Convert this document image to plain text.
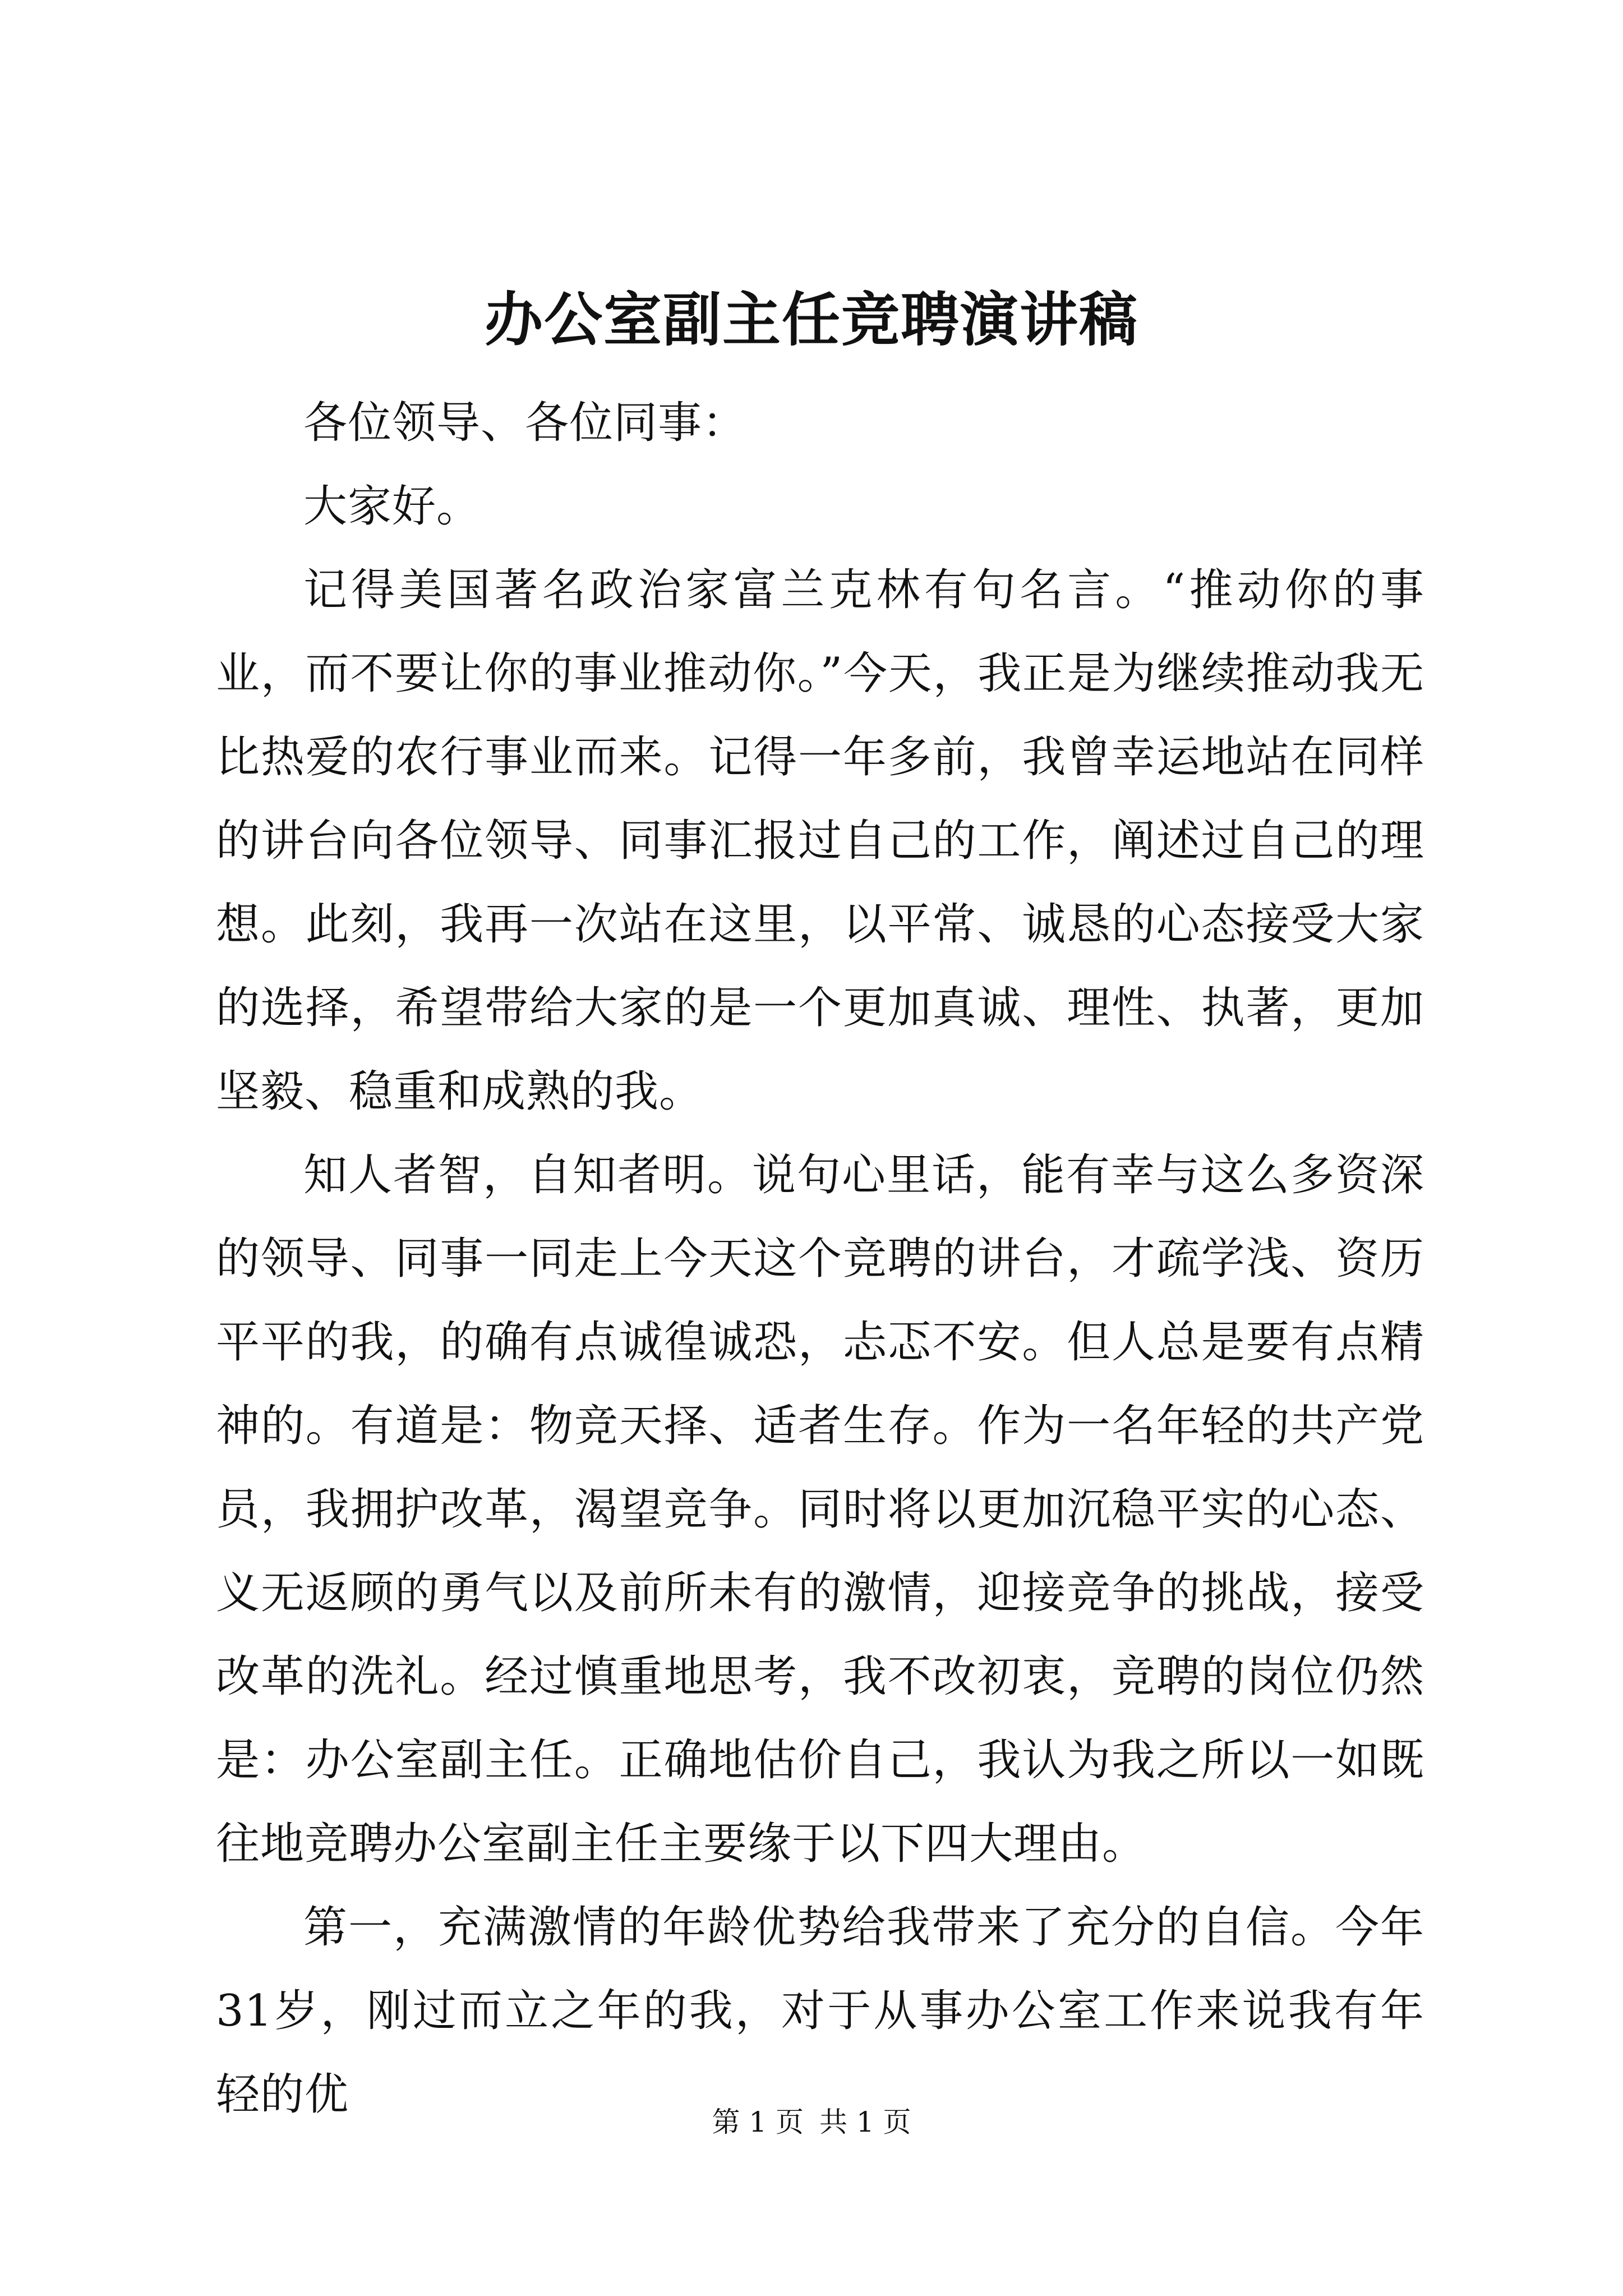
办公室副主任竞聘演讲稿

各位领导、各位同事：

大家好。

记得美国著名政治家富兰克林有句名言。“推动你的事业，而不要让你的事业推动你。”今天，我正是为继续推动我无比热爱的农行事业而来。记得一年多前，我曾幸运地站在同样的讲台向各位领导、同事汇报过自己的工作，阐述过自己的理想。此刻，我再一次站在这里，以平常、诚恳的心态接受大家的选择，希望带给大家的是一个更加真诚、理性、执著，更加坚毅、稳重和成熟的我。

知人者智，自知者明。说句心里话，能有幸与这么多资深的领导、同事一同走上今天这个竞聘的讲台，才疏学浅、资历平平的我，的确有点诚徨诚恐，忐忑不安。但人总是要有点精神的。有道是：物竞天择、适者生存。作为一名年轻的共产党员，我拥护改革，渴望竞争。同时将以更加沉稳平实的心态、义无返顾的勇气以及前所未有的激情，迎接竞争的挑战，接受改革的洗礼。经过慎重地思考，我不改初衷，竞聘的岗位仍然是：办公室副主任。正确地估价自己，我认为我之所以一如既往地竞聘办公室副主任主要缘于以下四大理由。

第一，充满激情的年龄优势给我带来了充分的自信。今年31岁，刚过而立之年的我，对于从事办公室工作来说我有年轻的优

第 1 页 共 1 页
